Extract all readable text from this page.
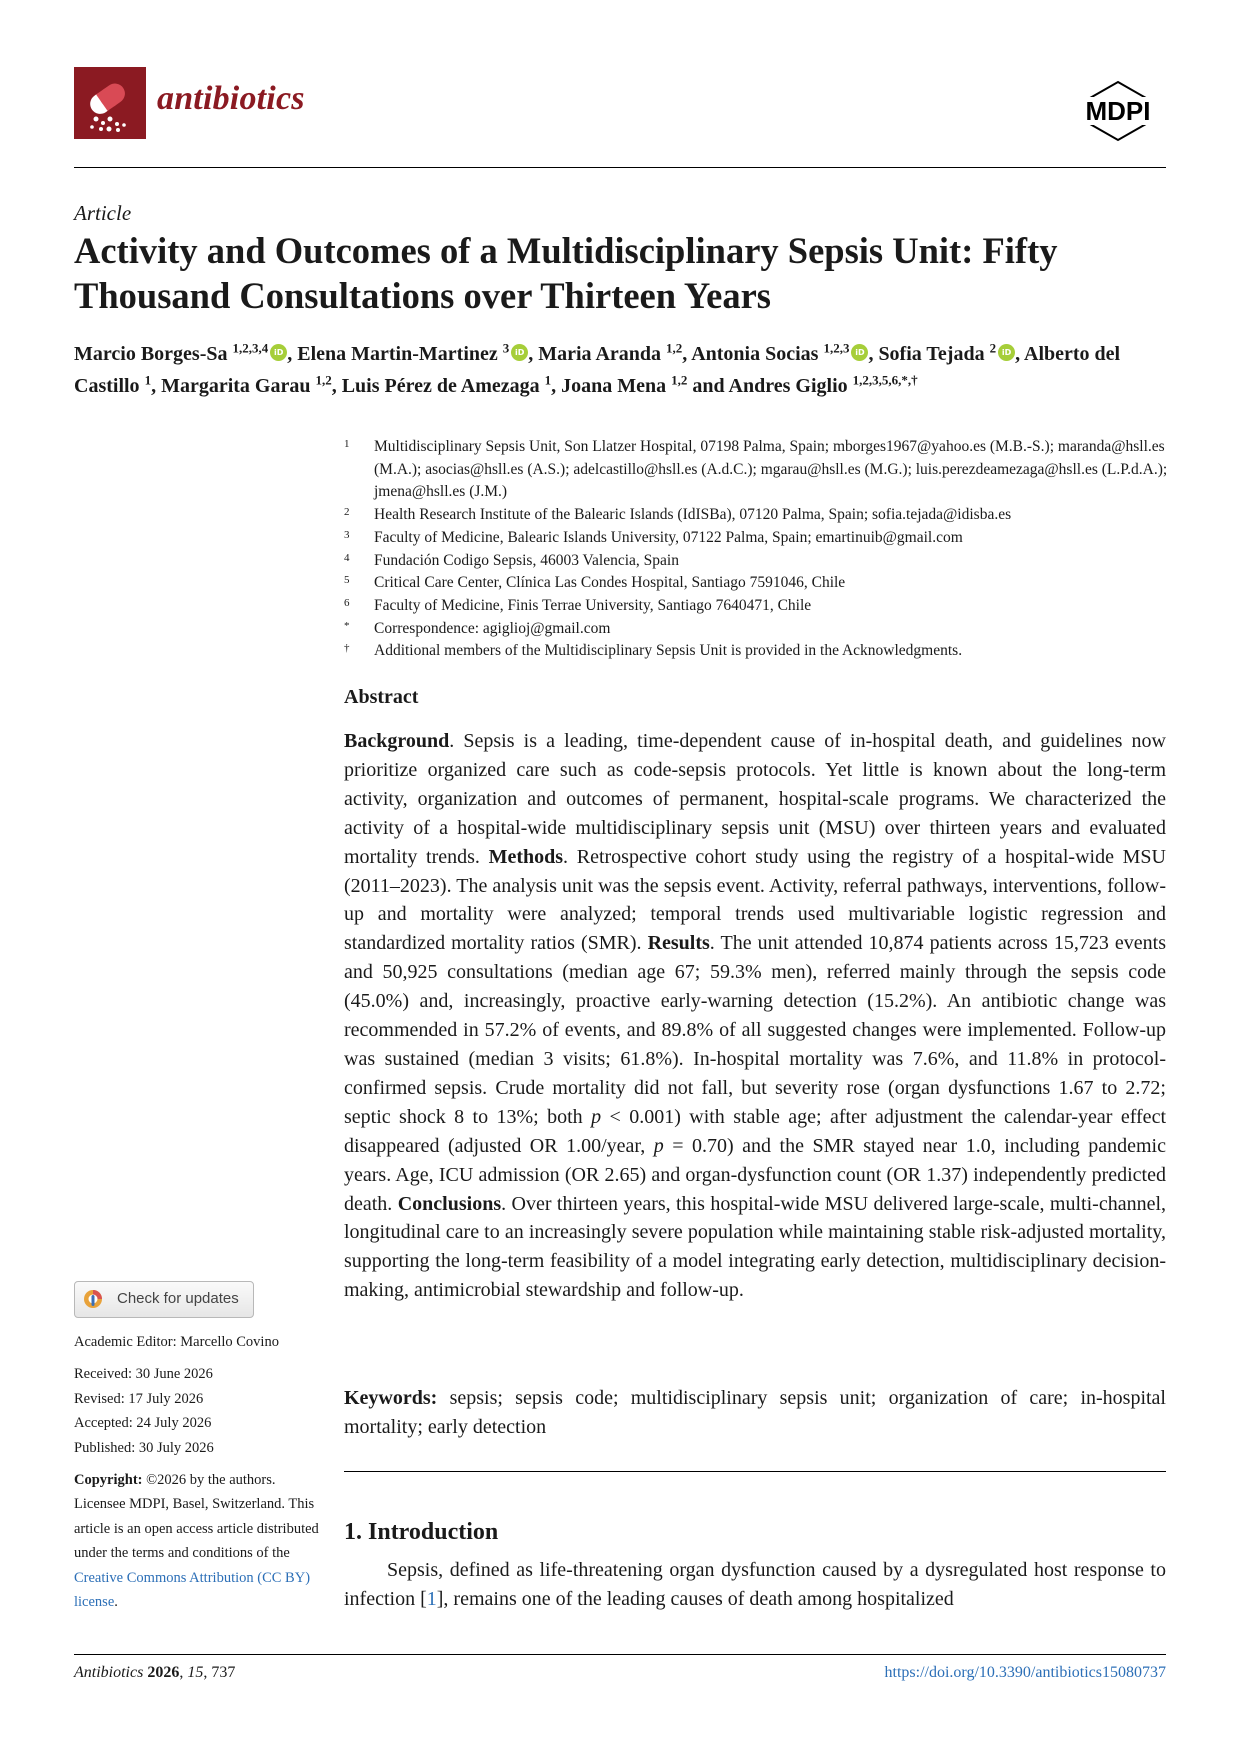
antibiotics	MDPI
Article
Activity and Outcomes of a Multidisciplinary Sepsis Unit: Fifty Thousand Consultations over Thirteen Years
Marcio Borges-Sa $^{1,2,3,4}$ iD , Elena Martin-Martinez $^3$ iD , Maria Aranda $^{1,2}$, Antonia Socias $^{1,2,3}$ iD , Sofia Tejada $^2$ iD , Alberto del Castillo $^1$, Margarita Garau $^{1,2}$, Luis Pérez de Amezaga $^1$, Joana Mena $^{1,2}$ and Andres Giglio $^{1,2,3,5,6,*,\dagger}$
1 Multidisciplinary Sepsis Unit, Son Llatzer Hospital, 07198 Palma, Spain; mborges1967@yahoo.es (M.B.-S.); maranda@hsll.es (M.A.); asocias@hsll.es (A.S.); adelcastillo@hsll.es (A.d.C.); mgarau@hsll.es (M.G.); luis.perezdeamezaga@hsll.es (L.P.d.A.); jmena@hsll.es (J.M.)
2 Health Research Institute of the Balearic Islands (IdISBa), 07120 Palma, Spain; sofia.tejada@idisba.es
3 Faculty of Medicine, Balearic Islands University, 07122 Palma, Spain; emartinuib@gmail.com
4 Fundación Codigo Sepsis, 46003 Valencia, Spain
5 Critical Care Center, Clínica Las Condes Hospital, Santiago 7591046, Chile
6 Faculty of Medicine, Finis Terrae University, Santiago 7640471, Chile
* Correspondence: agiglioj@gmail.com
† Additional members of the Multidisciplinary Sepsis Unit is provided in the Acknowledgments.
Abstract
Background. Sepsis is a leading, time-dependent cause of in-hospital death, and guidelines now prioritize organized care such as code-sepsis protocols. Yet little is known about the long-term activity, organization and outcomes of permanent, hospital-scale programs. We characterized the activity of a hospital-wide multidisciplinary sepsis unit (MSU) over thirteen years and evaluated mortality trends. Methods. Retrospective cohort study using the registry of a hospital-wide MSU (2011–2023). The analysis unit was the sepsis event. Activity, referral pathways, interventions, follow-up and mortality were analyzed; temporal trends used multivariable logistic regression and standardized mortality ratios (SMR). Results. The unit attended 10,874 patients across 15,723 events and 50,925 consultations (median age 67; 59.3% men), referred mainly through the sepsis code (45.0%) and, increasingly, proactive early-warning detection (15.2%). An antibiotic change was recommended in 57.2% of events, and 89.8% of all suggested changes were implemented. Follow-up was sustained (median 3 visits; 61.8%). In-hospital mortality was 7.6%, and 11.8% in protocol-confirmed sepsis. Crude mortality did not fall, but severity rose (organ dysfunctions 1.67 to 2.72; septic shock 8 to 13%; both p < 0.001) with stable age; after adjustment the calendar-year effect disappeared (adjusted OR 1.00/year, p = 0.70) and the SMR stayed near 1.0, including pandemic years. Age, ICU admission (OR 2.65) and organ-dysfunction count (OR 1.37) independently predicted death. Conclusions. Over thirteen years, this hospital-wide MSU delivered large-scale, multi-channel, longitudinal care to an increasingly severe population while maintaining stable risk-adjusted mortality, supporting the long-term feasibility of a model integrating early detection, multidisciplinary decision-making, antimicrobial stewardship and follow-up.
Keywords: sepsis; sepsis code; multidisciplinary sepsis unit; organization of care; in-hospital mortality; early detection
1. Introduction
Sepsis, defined as life-threatening organ dysfunction caused by a dysregulated host response to infection [1], remains one of the leading causes of death among hospitalized
Check for updates
Academic Editor: Marcello Covino
Received: 30 June 2026
Revised: 17 July 2026
Accepted: 24 July 2026
Published: 30 July 2026
Copyright: ©2026 by the authors. Licensee MDPI, Basel, Switzerland. This article is an open access article distributed under the terms and conditions of the Creative Commons Attribution (CC BY) license.
Antibiotics 2026, 15, 737	https://doi.org/10.3390/antibiotics15080737
